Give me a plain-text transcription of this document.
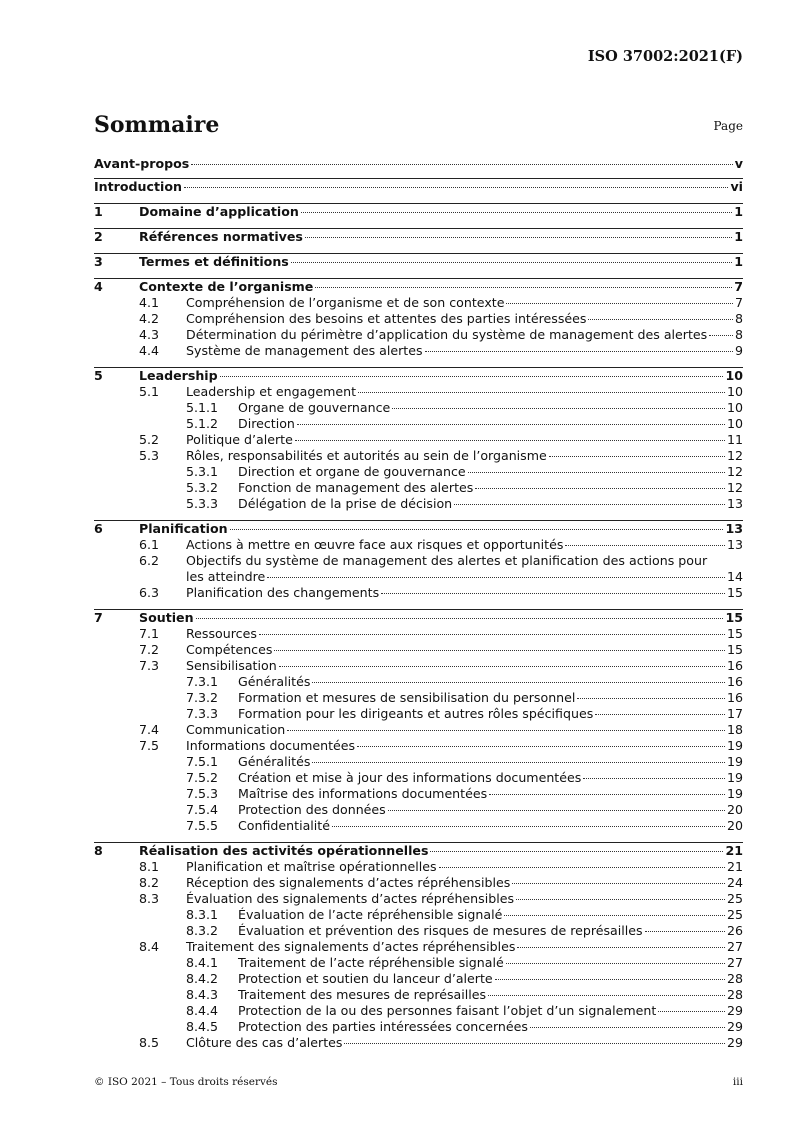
ISO 37002:2021(F)
Sommaire	Page
Avant-propos	v
Introduction	vi
1	Domaine d’application	1
2	Références normatives	1
3	Termes et définitions	1
4	Contexte de l’organisme	7
4.1	Compréhension de l’organisme et de son contexte	7
4.2	Compréhension des besoins et attentes des parties intéressées	8
4.3	Détermination du périmètre d’application du système de management des alertes 8
4.4	Système de management des alertes	9
5	Leadership	10
5.1	Leadership et engagement	10
5.1.1	Organe de gouvernance	10
5.1.2	Direction	10
5.2	Politique d’alerte	11
5.3	Rôles, responsabilités et autorités au sein de l’organisme	12
5.3.1	Direction et organe de gouvernance	12
5.3.2	Fonction de management des alertes	12
5.3.3	Délégation de la prise de décision	13
6	Planification	13
6.1	Actions à mettre en œuvre face aux risques et opportunités	13
6.2	Objectifs du système de management des alertes et planification des actions pour
les atteindre	14
6.3	Planification des changements	15
7	Soutien	15
7.1	Ressources	15
7.2	Compétences	15
7.3	Sensibilisation	16
7.3.1	Généralités	16
7.3.2	Formation et mesures de sensibilisation du personnel	16
7.3.3	Formation pour les dirigeants et autres rôles spécifiques	17
7.4	Communication	18
7.5	Informations documentées	19
7.5.1	Généralités	19
7.5.2	Création et mise à jour des informations documentées	19
7.5.3	Maîtrise des informations documentées	19
7.5.4	Protection des données	20
7.5.5	Confidentialité	20
8	Réalisation des activités opérationnelles	21
8.1	Planification et maîtrise opérationnelles	21
8.2	Réception des signalements d’actes répréhensibles	24
8.3	Évaluation des signalements d’actes répréhensibles	25
8.3.1	Évaluation de l’acte répréhensible signalé	25
8.3.2	Évaluation et prévention des risques de mesures de représailles	26
8.4	Traitement des signalements d’actes répréhensibles	27
8.4.1	Traitement de l’acte répréhensible signalé	27
8.4.2	Protection et soutien du lanceur d’alerte	28
8.4.3	Traitement des mesures de représailles	28
8.4.4	Protection de la ou des personnes faisant l’objet d’un signalement	29
8.4.5	Protection des parties intéressées concernées	29
8.5	Clôture des cas d’alertes	29
© ISO 2021 – Tous droits réservés	iii
